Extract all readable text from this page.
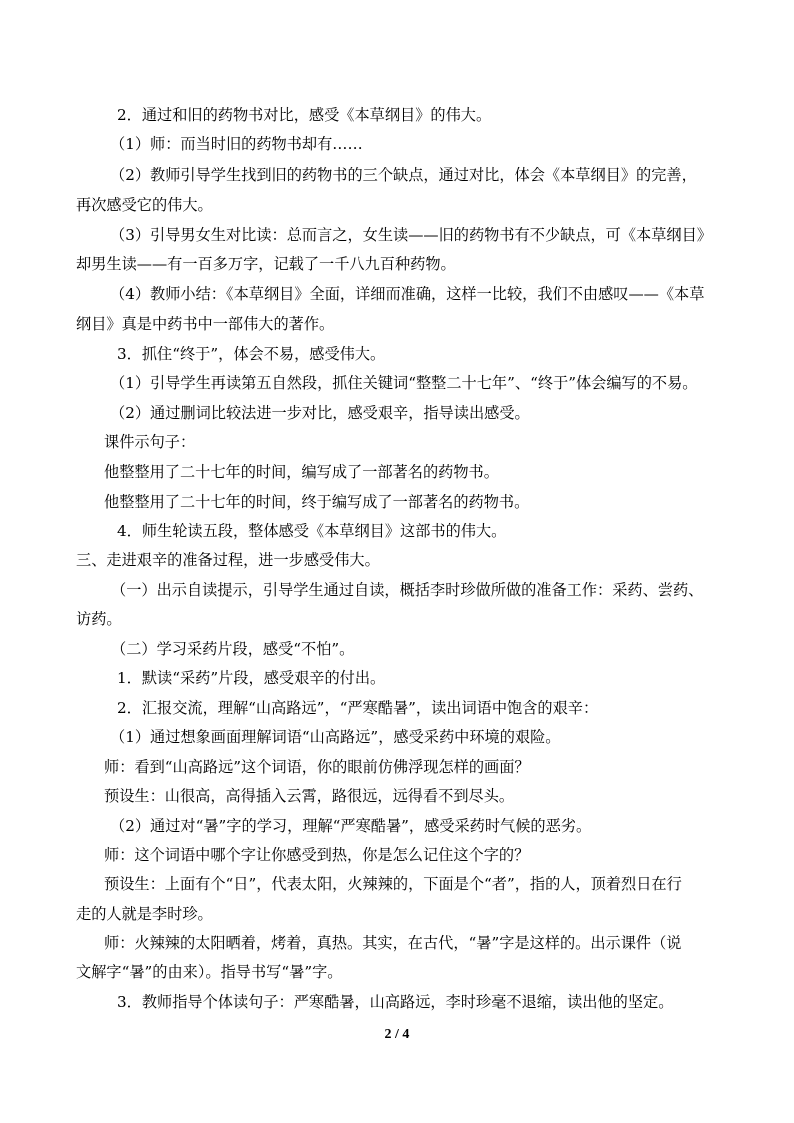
2．通过和旧的药物书对比，感受《本草纲目》的伟大。
（1）师：而当时旧的药物书却有……
（2）教师引导学生找到旧的药物书的三个缺点，通过对比，体会《本草纲目》的完善，
再次感受它的伟大。
（3）引导男女生对比读：总而言之，女生读——旧的药物书有不少缺点，可《本草纲目》
却男生读——有一百多万字，记载了一千八九百种药物。
（4）教师小结：《本草纲目》全面，详细而准确，这样一比较，我们不由感叹——《本草
纲目》真是中药书中一部伟大的著作。
3．抓住“终于”，体会不易，感受伟大。
（1）引导学生再读第五自然段，抓住关键词“整整二十七年”、“终于”体会编写的不易。
（2）通过删词比较法进一步对比，感受艰辛，指导读出感受。
课件示句子：
他整整用了二十七年的时间，编写成了一部著名的药物书。
他整整用了二十七年的时间，终于编写成了一部著名的药物书。
4．师生轮读五段，整体感受《本草纲目》这部书的伟大。
三、走进艰辛的准备过程，进一步感受伟大。
（一）出示自读提示，引导学生通过自读，概括李时珍做所做的准备工作：采药、尝药、
访药。
（二）学习采药片段，感受“不怕”。
1．默读“采药”片段，感受艰辛的付出。
2．汇报交流，理解“山高路远”，“严寒酷暑”，读出词语中饱含的艰辛：
（1）通过想象画面理解词语“山高路远”，感受采药中环境的艰险。
师：看到“山高路远”这个词语，你的眼前仿佛浮现怎样的画面？
预设生：山很高，高得插入云霄，路很远，远得看不到尽头。
（2）通过对“暑”字的学习，理解“严寒酷暑”，感受采药时气候的恶劣。
师：这个词语中哪个字让你感受到热，你是怎么记住这个字的？
预设生：上面有个“日”，代表太阳，火辣辣的，下面是个“者”，指的人，顶着烈日在行
走的人就是李时珍。
师：火辣辣的太阳晒着，烤着，真热。其实，在古代，“暑”字是这样的。出示课件（说
文解字“暑”的由来）。指导书写“暑”字。
3．教师指导个体读句子：严寒酷暑，山高路远，李时珍毫不退缩，读出他的坚定。
2 / 4
